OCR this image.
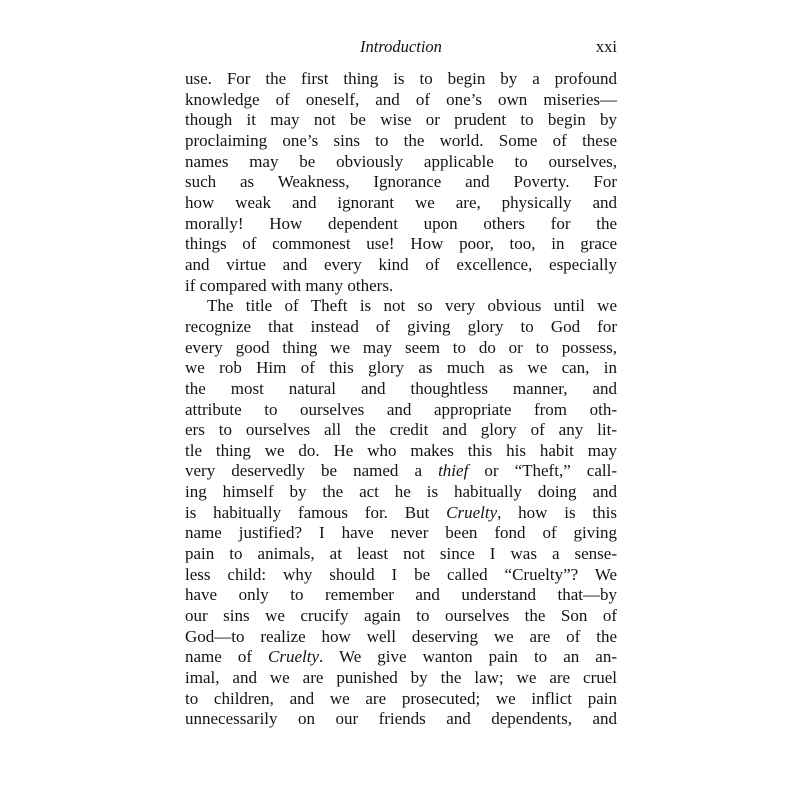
Introduction	xxi
use. For the first thing is to begin by a profound
knowledge of oneself, and of one’s own miseries—
though it may not be wise or prudent to begin by
proclaiming one’s sins to the world. Some of these
names may be obviously applicable to ourselves,
such as Weakness, Ignorance and Poverty. For
how weak and ignorant we are, physically and
morally! How dependent upon others for the
things of commonest use! How poor, too, in grace
and virtue and every kind of excellence, especially
if compared with many others.
The title of Theft is not so very obvious until we
recognize that instead of giving glory to God for
every good thing we may seem to do or to possess,
we rob Him of this glory as much as we can, in
the most natural and thoughtless manner, and
attribute to ourselves and appropriate from oth-
ers to ourselves all the credit and glory of any lit-
tle thing we do. He who makes this his habit may
very deservedly be named a thief or “Theft,” call-
ing himself by the act he is habitually doing and
is habitually famous for. But Cruelty, how is this
name justified? I have never been fond of giving
pain to animals, at least not since I was a sense-
less child: why should I be called “Cruelty”? We
have only to remember and understand that—by
our sins we crucify again to ourselves the Son of
God—to realize how well deserving we are of the
name of Cruelty. We give wanton pain to an an-
imal, and we are punished by the law; we are cruel
to children, and we are prosecuted; we inflict pain
unnecessarily on our friends and dependents, and
